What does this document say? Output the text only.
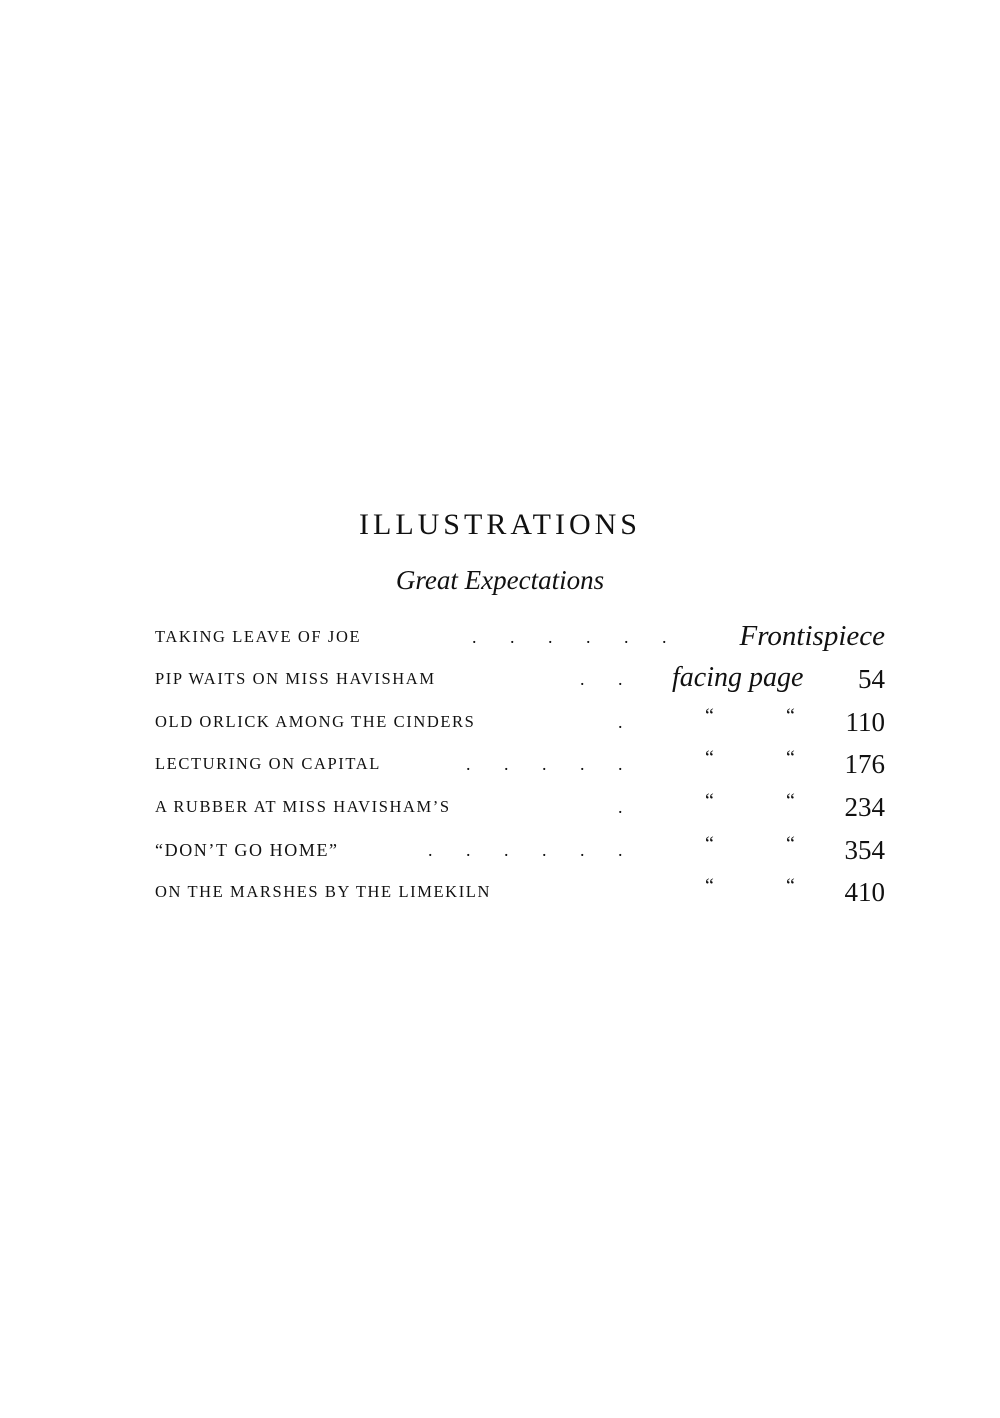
ILLUSTRATIONS
Great Expectations
TAKING LEAVE OF JOE	. . . . . . Frontispiece
PIP WAITS ON MISS HAVISHAM	. . facing page 54
OLD ORLICK AMONG THE CINDERS	.	“	“ 110
LECTURING ON CAPITAL	. . . . .	“	“ 176
A RUBBER AT MISS HAVISHAM’S	.	“	“ 234
“DON’T GO HOME”	. . . . . .	“	“ 354
ON THE MARSHES BY THE LIMEKILN	“	“ 410
